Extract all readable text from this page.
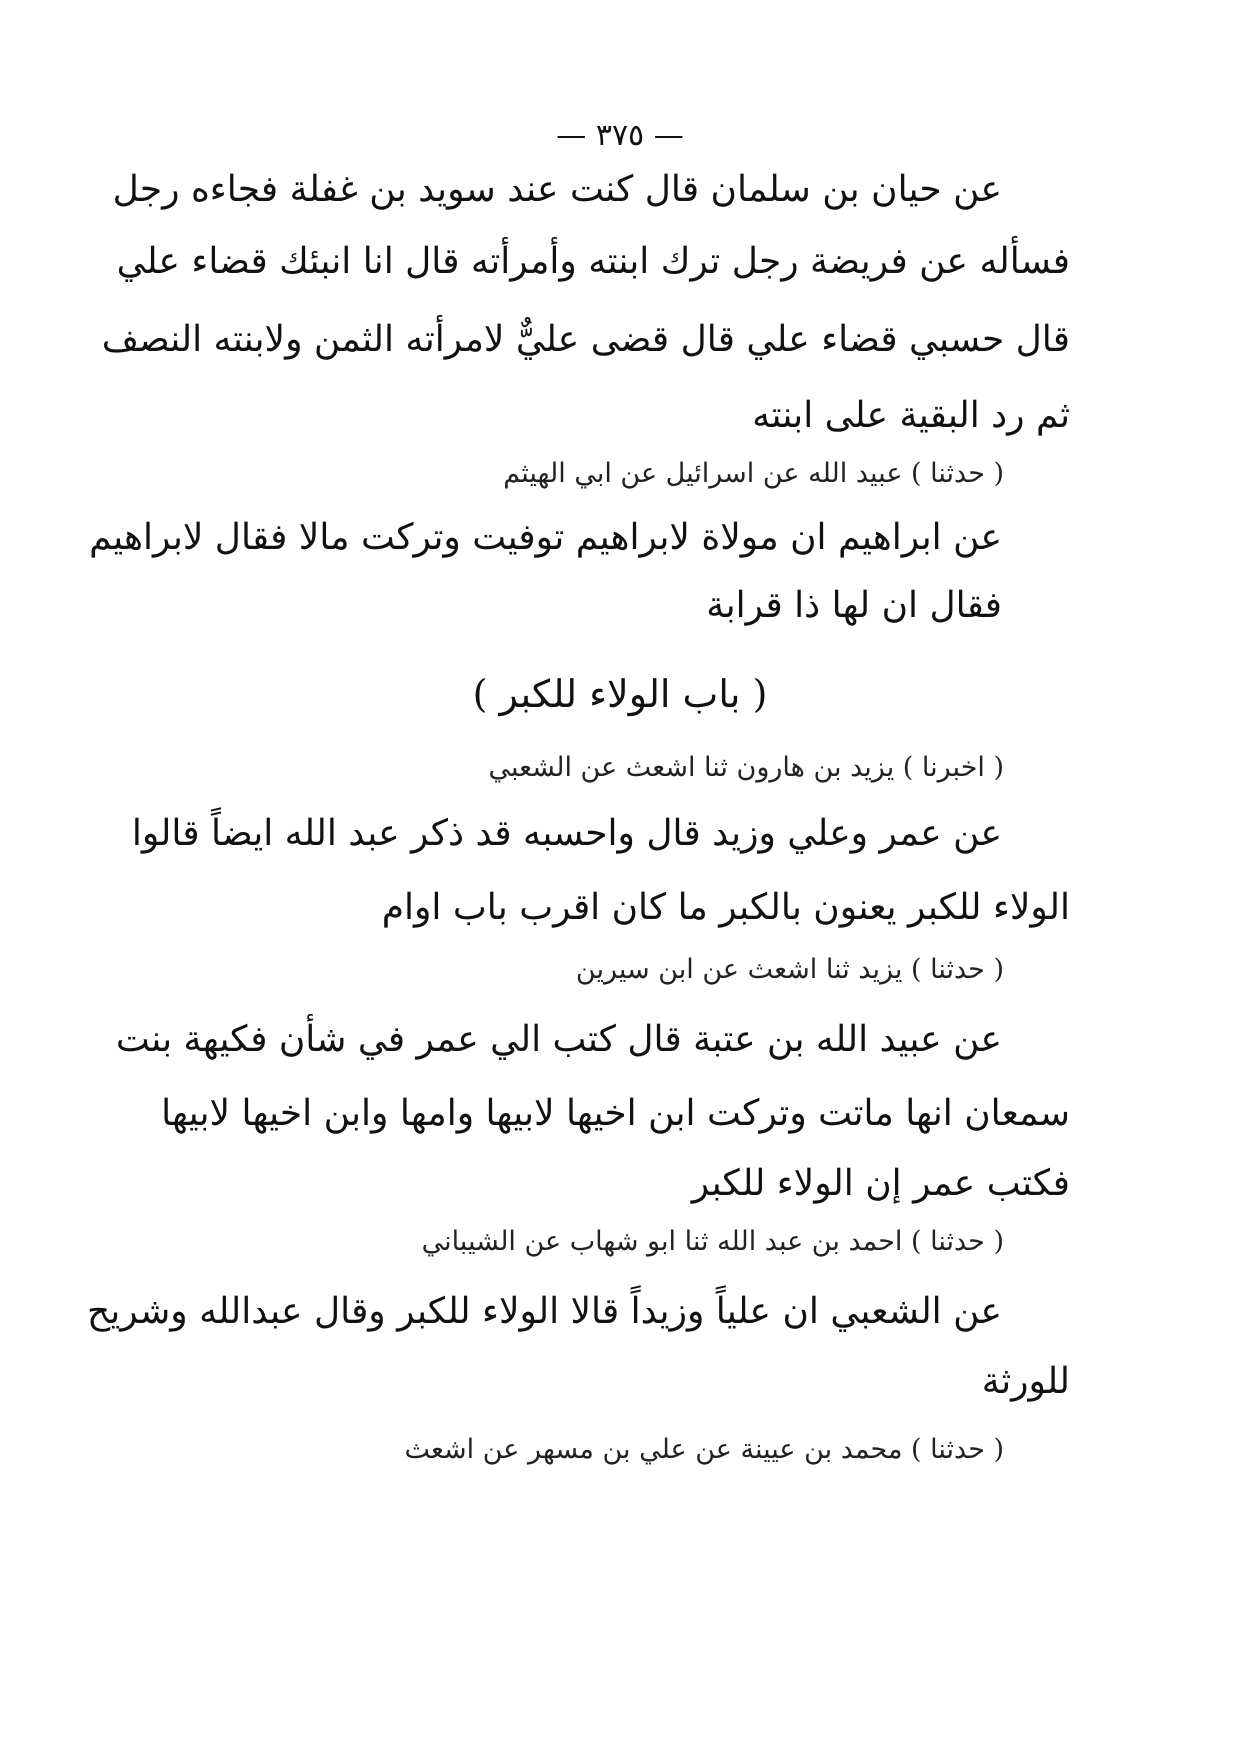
— ٣٧٥ —
عن حيان بن سلمان قال كنت عند سويد بن غفلة فجاءه رجل
فسأله عن فريضة رجل ترك ابنته وأمرأته قال انا انبئك قضاء علي
قال حسبي قضاء علي قال قضى عليٌّ لامرأته الثمن ولابنته النصف
ثم رد البقية على ابنته
( حدثنا ) عبيد الله عن اسرائيل عن ابي الهيثم
عن ابراهيم ان مولاة لابراهيم توفيت وتركت مالا فقال لابراهيم
فقال ان لها ذا قرابة
( باب الولاء للكبر )
( اخبرنا ) يزيد بن هارون ثنا اشعث عن الشعبي
عن عمر وعلي وزيد قال واحسبه قد ذكر عبد الله ايضاً قالوا
الولاء للكبر يعنون بالكبر ما كان اقرب باب اوام
( حدثنا ) يزيد ثنا اشعث عن ابن سيرين
عن عبيد الله بن عتبة قال كتب الي عمر في شأن فكيهة بنت
سمعان انها ماتت وتركت ابن اخيها لابيها وامها وابن اخيها لابيها
فكتب عمر إن الولاء للكبر
( حدثنا ) احمد بن عبد الله ثنا ابو شهاب عن الشيباني
عن الشعبي ان علياً وزيداً قالا الولاء للكبر وقال عبدالله وشريح
للورثة
( حدثنا ) محمد بن عيينة عن علي بن مسهر عن اشعث
